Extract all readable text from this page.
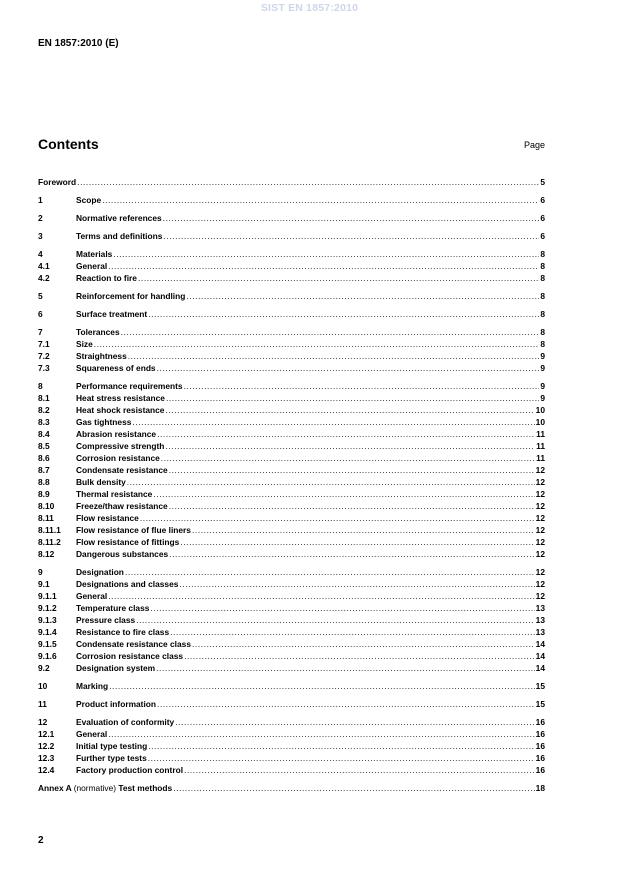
SIST EN 1857:2010
EN 1857:2010 (E)
Contents	Page
Foreword .....	5
1	Scope .....	6
2	Normative references .....	6
3	Terms and definitions .....	6
4	Materials .....	8
4.1	General .....	8
4.2	Reaction to fire .....	8
5	Reinforcement for handling .....	8
6	Surface treatment .....	8
7	Tolerances .....	8
7.1	Size .....	8
7.2	Straightness .....	9
7.3	Squareness of ends .....	9
8	Performance requirements .....	9
8.1	Heat stress resistance .....	9
8.2	Heat shock resistance .....	10
8.3	Gas tightness .....	10
8.4	Abrasion resistance .....	11
8.5	Compressive strength .....	11
8.6	Corrosion resistance .....	11
8.7	Condensate resistance .....	12
8.8	Bulk density .....	12
8.9	Thermal resistance .....	12
8.10	Freeze/thaw resistance .....	12
8.11	Flow resistance .....	12
8.11.1	Flow resistance of flue liners .....	12
8.11.2	Flow resistance of fittings .....	12
8.12	Dangerous substances .....	12
9	Designation .....	12
9.1	Designations and classes .....	12
9.1.1	General .....	12
9.1.2	Temperature class .....	13
9.1.3	Pressure class .....	13
9.1.4	Resistance to fire class .....	13
9.1.5	Condensate resistance class .....	14
9.1.6	Corrosion resistance class .....	14
9.2	Designation system .....	14
10	Marking .....	15
11	Product information .....	15
12	Evaluation of conformity .....	16
12.1	General .....	16
12.2	Initial type testing .....	16
12.3	Further type tests .....	16
12.4	Factory production control .....	16
Annex A (normative) Test methods .....	18
2
